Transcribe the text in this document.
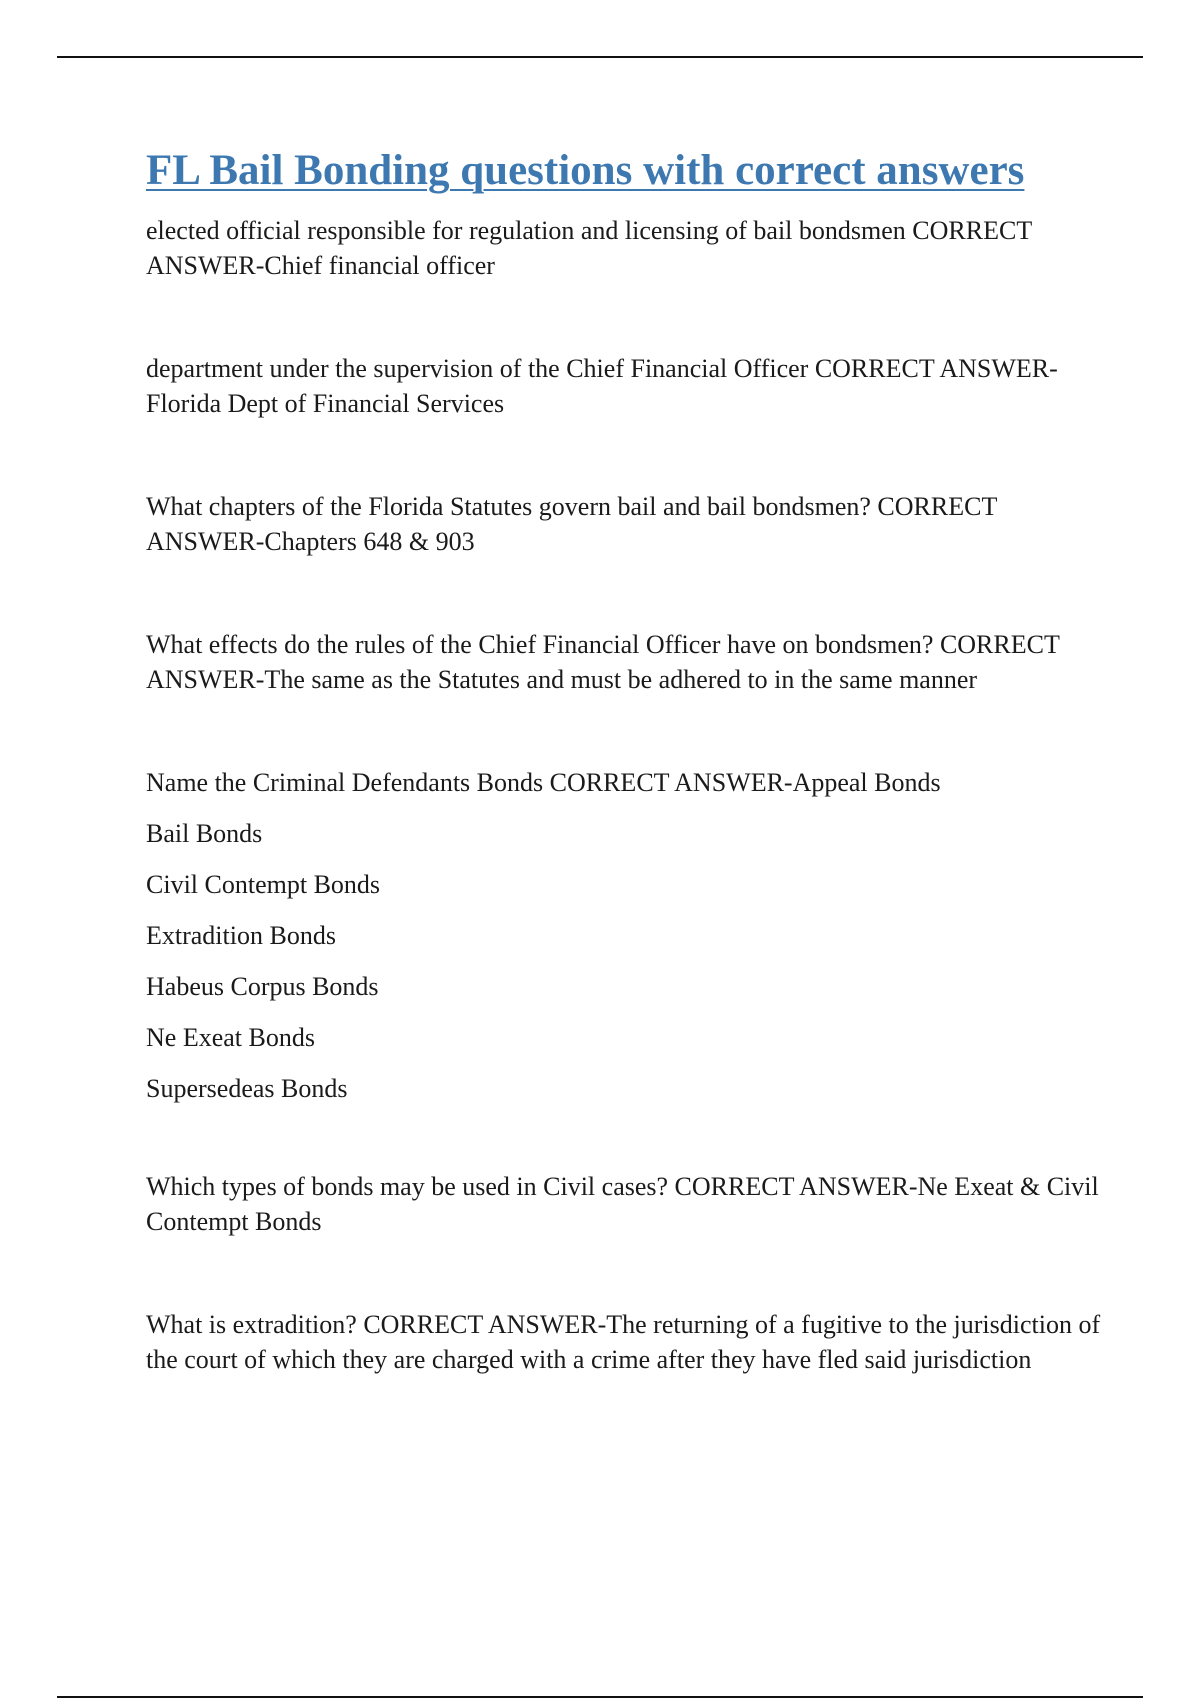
FL Bail Bonding questions with correct answers

elected official responsible for regulation and licensing of bail bondsmen CORRECT ANSWER-Chief financial officer

department under the supervision of the Chief Financial Officer CORRECT ANSWER-Florida Dept of Financial Services

What chapters of the Florida Statutes govern bail and bail bondsmen? CORRECT ANSWER-Chapters 648 & 903

What effects do the rules of the Chief Financial Officer have on bondsmen? CORRECT ANSWER-The same as the Statutes and must be adhered to in the same manner

Name the Criminal Defendants Bonds CORRECT ANSWER-Appeal Bonds

Bail Bonds

Civil Contempt Bonds

Extradition Bonds

Habeus Corpus Bonds

Ne Exeat Bonds

Supersedeas Bonds

Which types of bonds may be used in Civil cases? CORRECT ANSWER-Ne Exeat & Civil Contempt Bonds

What is extradition? CORRECT ANSWER-The returning of a fugitive to the jurisdiction of the court of which they are charged with a crime after they have fled said jurisdiction
